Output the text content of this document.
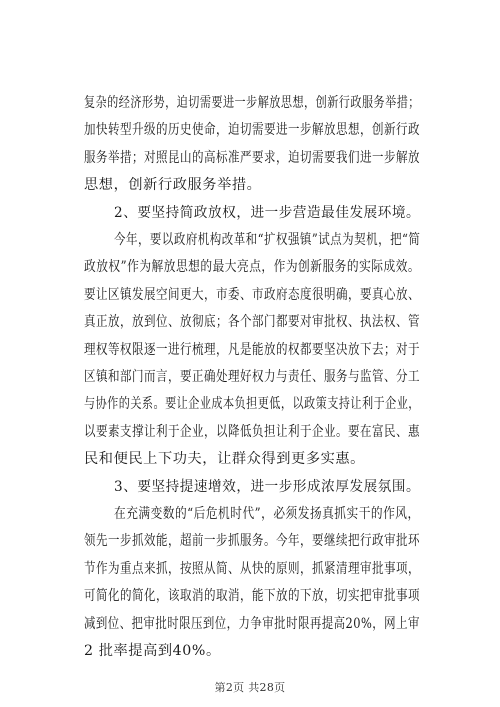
复杂的经济形势，迫切需要进一步解放思想，创新行政服务举措；
加快转型升级的历史使命，迫切需要进一步解放思想，创新行政
服务举措；对照昆山的高标准严要求，迫切需要我们进一步解放
思想，创新行政服务举措。
2、要坚持简政放权，进一步营造最佳发展环境。
今年，要以政府机构改革和“扩权强镇”试点为契机，把“简
政放权”作为解放思想的最大亮点，作为创新服务的实际成效。
要让区镇发展空间更大，市委、市政府态度很明确，要真心放、
真正放，放到位、放彻底；各个部门都要对审批权、执法权、管
理权等权限逐一进行梳理，凡是能放的权都要坚决放下去；对于
区镇和部门而言，要正确处理好权力与责任、服务与监管、分工
与协作的关系。要让企业成本负担更低，以政策支持让利于企业，
以要素支撑让利于企业，以降低负担让利于企业。要在富民、惠
民和便民上下功夫，让群众得到更多实惠。
3、要坚持提速增效，进一步形成浓厚发展氛围。
在充满变数的“后危机时代”，必须发扬真抓实干的作风，
领先一步抓效能，超前一步抓服务。今年，要继续把行政审批环
节作为重点来抓，按照从简、从快的原则，抓紧清理审批事项，
可简化的简化，该取消的取消，能下放的下放，切实把审批事项
减到位、把审批时限压到位，力争审批时限再提高20%，网上审
2 批率提高到40%。
第2页 共28页
